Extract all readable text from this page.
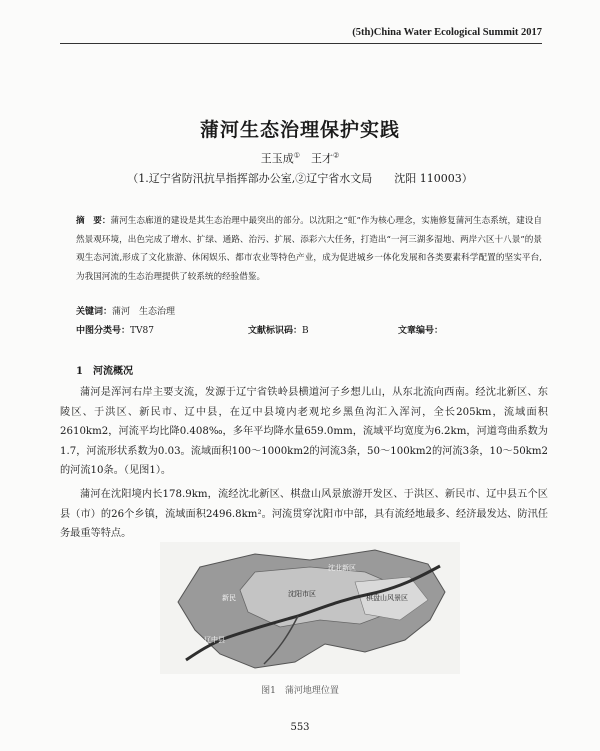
(5th)China Water Ecological Summit 2017
蒲河生态治理保护实践
王玉成①　 王才②
（1.辽宁省防汛抗旱指挥部办公室,②辽宁省水文局　　沈阳 110003）
摘　要：蒲河生态廊道的建设是其生态治理中最突出的部分。以沈阳之“虹”作为核心理念，实施修复蒲河生态系统，建设自然景观环境，出色完成了增水、扩绿、通路、治污、扩展、添彩六大任务，打造出“一河三湖多湿地、两岸六区十八景”的景观生态河流,形成了文化旅游、休闲娱乐、都市农业等特色产业，成为促进城乡一体化发展和各类要素科学配置的坚实平台,为我国河流的生态治理提供了较系统的经验借鉴。
关键词：蒲河　生态治理
中图分类号：TV87	文献标识码：B	文章编号：
1　 河流概况
蒲河是浑河右岸主要支流，发源于辽宁省铁岭县横道河子乡想儿山，从东北流向西南。经沈北新区、东陵区、于洪区、新民市、辽中县，在辽中县境内老观坨乡黑鱼沟汇入浑河，全长205km，流域面积2610km2，河流平均比降0.408‰，多年平均降水量659.0mm，流域平均宽度为6.2km，河道弯曲系数为1.7，河流形状系数为0.03。流域面积100～1000km2的河流3条，50～100km2的河流3条，10～50km2的河流10条。（见图1）。
蒲河在沈阳境内长178.9km，流经沈北新区、棋盘山风景旅游开发区、于洪区、新民市、辽中县五个区县（市）的26个乡镇，流域面积2496.8km²。河流贯穿沈阳市中部，具有流经地最多、经济最发达、防汛任务最重等特点。
沈北新区
新民	沈阳市区
辽中县
棋盘山风景区
图1　蒲河地理位置
553
